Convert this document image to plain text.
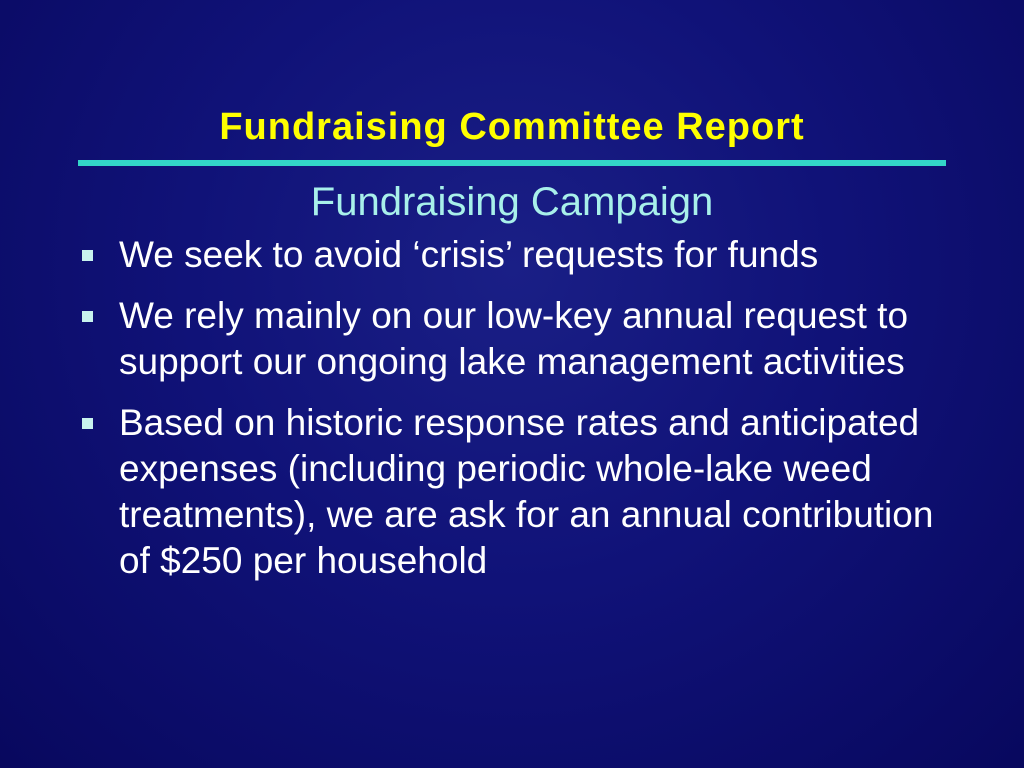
Fundraising Committee Report
Fundraising Campaign
We seek to avoid ‘crisis’ requests for funds
We rely mainly on our low-key annual request to support our ongoing lake management activities
Based on historic response rates and anticipated expenses (including periodic whole-lake weed treatments), we are ask for an annual contribution of $250 per household
